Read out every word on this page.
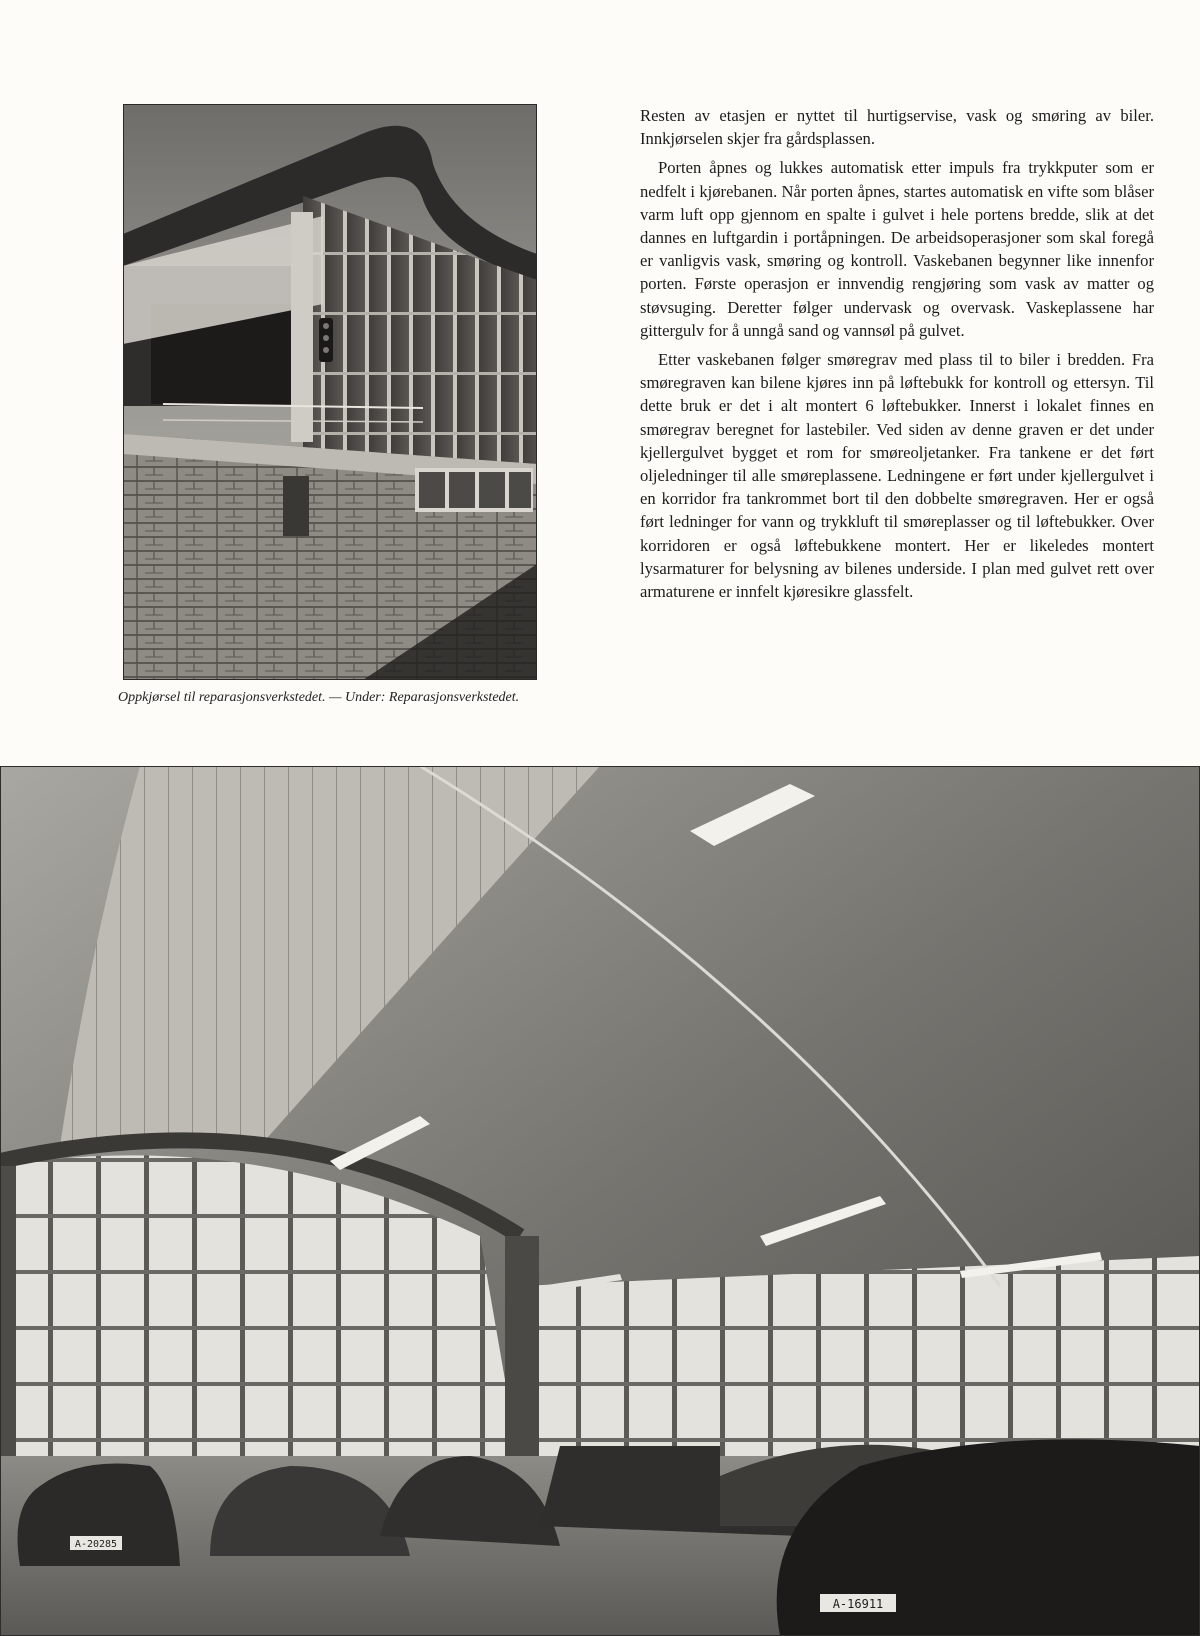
Oppkjørsel til reparasjonsverkstedet. — Under: Reparasjonsverkstedet.

Resten av etasjen er nyttet til hurtigservise, vask og smøring av biler. Innkjørselen skjer fra gårdsplassen.

Porten åpnes og lukkes automatisk etter impuls fra trykkputer som er nedfelt i kjørebanen. Når porten åpnes, startes automatisk en vifte som blåser varm luft opp gjennom en spalte i gulvet i hele portens bredde, slik at det dannes en luftgardin i portåpningen. De arbeidsoperasjoner som skal foregå er vanligvis vask, smøring og kontroll. Vaskebanen begynner like innenfor porten. Første operasjon er innvendig rengjøring som vask av matter og støvsuging. Deretter følger undervask og overvask. Vaskeplassene har gittergulv for å unngå sand og vannsøl på gulvet.

Etter vaskebanen følger smøregrav med plass til to biler i bredden. Fra smøregraven kan bilene kjøres inn på løftebukk for kontroll og ettersyn. Til dette bruk er det i alt montert 6 løftebukker. Innerst i lokalet finnes en smøregrav beregnet for lastebiler. Ved siden av denne graven er det under kjellergulvet bygget et rom for smøreoljetanker. Fra tankene er det ført oljeledninger til alle smøreplassene. Ledningene er ført under kjellergulvet i en korridor fra tankrommet bort til den dobbelte smøregraven. Her er også ført ledninger for vann og trykkluft til smøreplasser og til løftebukker. Over korridoren er også løftebukkene montert. Her er likeledes montert lysarmaturer for belysning av bilenes underside. I plan med gulvet rett over armaturene er innfelt kjøresikre glassfelt.

A-20285
A-16911
